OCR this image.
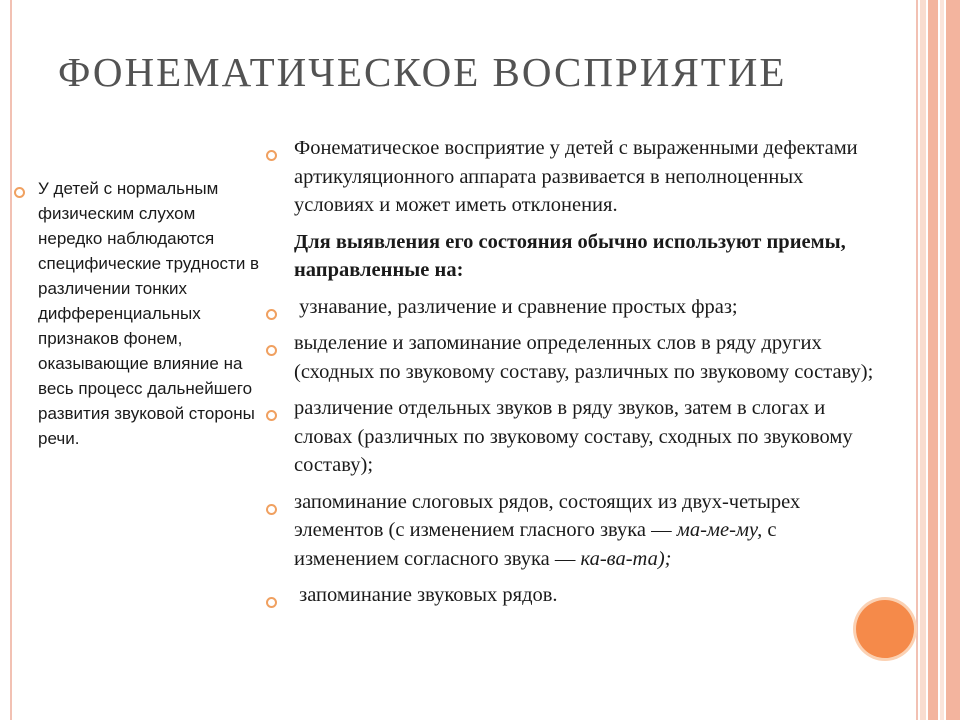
ФОНЕМАТИЧЕСКОЕ ВОСПРИЯТИЕ
У детей с нормальным физическим слухом нередко наблюдаются специфические трудности в различении тонких дифференциальных признаков фонем, оказывающие влияние на весь процесс дальнейшего развития звуковой стороны речи.
Фонематическое восприятие у детей с выраженными дефектами артикуляционного аппарата развивается в неполноценных условиях и может иметь отклонения.
Для выявления его состояния обычно используют приемы, направленные на:
узнавание, различение и сравнение простых фраз;
выделение и запоминание определенных слов в ряду других (сходных по звуковому составу, различных по звуковому составу);
различение отдельных звуков в ряду звуков, затем в слогах и словах (различных по звуковому составу, сходных по звуковому составу);
запоминание слоговых рядов, состоящих из двух-четырех элементов (с изменением гласного звука — ма-ме-му, с изменением согласного звука — ка-ва-та);
запоминание звуковых рядов.
